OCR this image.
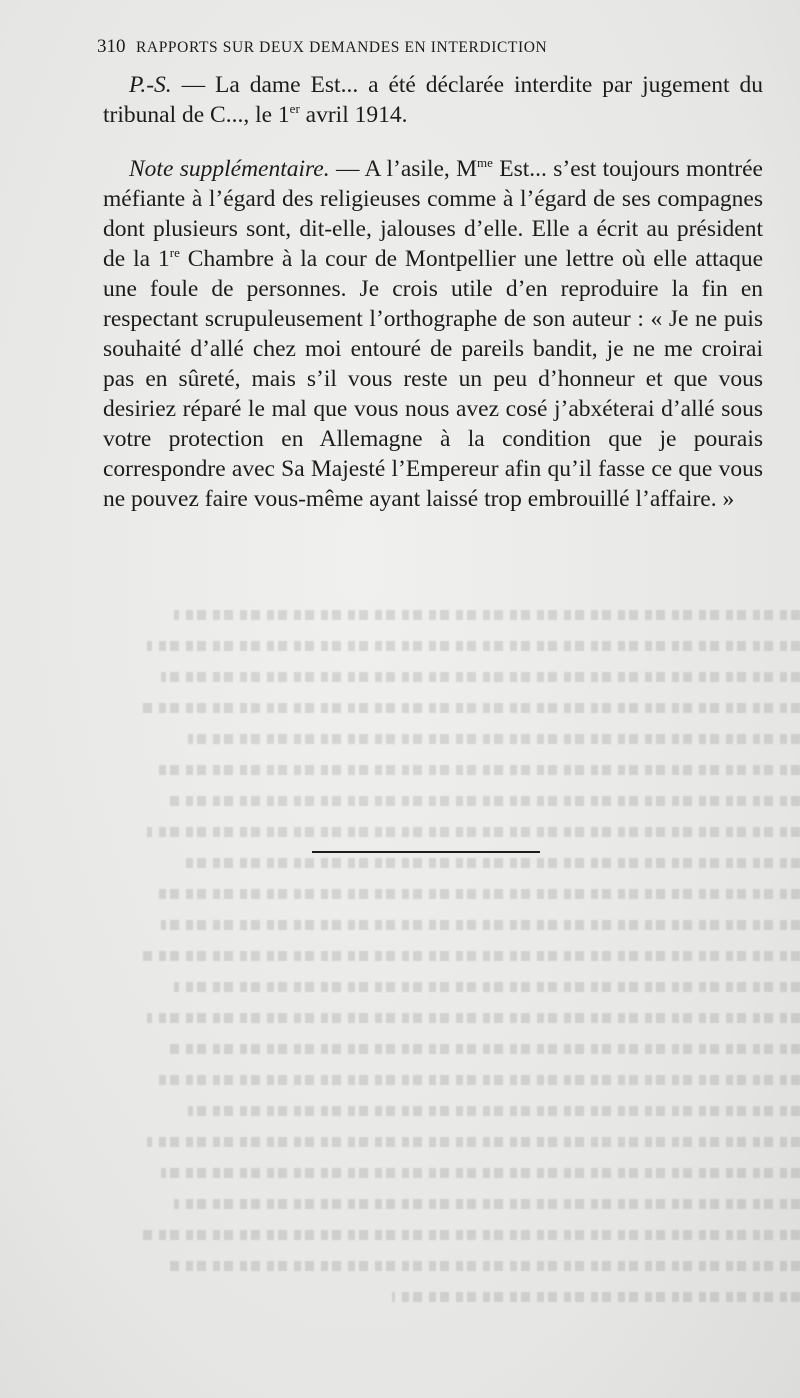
310 RAPPORTS SUR DEUX DEMANDES EN INTERDICTION

P.-S. — La dame Est... a été déclarée interdite par jugement du tribunal de C..., le 1er avril 1914.

Note supplémentaire. — A l’asile, $M^{me}$ Est... s’est toujours montrée méfiante à l’égard des religieuses comme à l’égard de ses compagnes dont plusieurs sont, dit-elle, jalouses d’elle. Elle a écrit au président de la 1re Chambre à la cour de Montpellier une lettre où elle attaque une foule de personnes. Je crois utile d’en reproduire la fin en respectant scrupuleusement l’orthographe de son auteur : « Je ne puis souhaité d’allé chez moi entouré de pareils bandit, je ne me croirai pas en sûreté, mais s’il vous reste un peu d’honneur et que vous desiriez réparé le mal que vous nous avez cosé j’abxéterai d’allé sous votre protection en Allemagne à la condition que je pourais correspondre avec Sa Majesté l’Empereur afin qu’il fasse ce que vous ne pouvez faire vous-même ayant laissé trop embrouillé l’affaire. »
